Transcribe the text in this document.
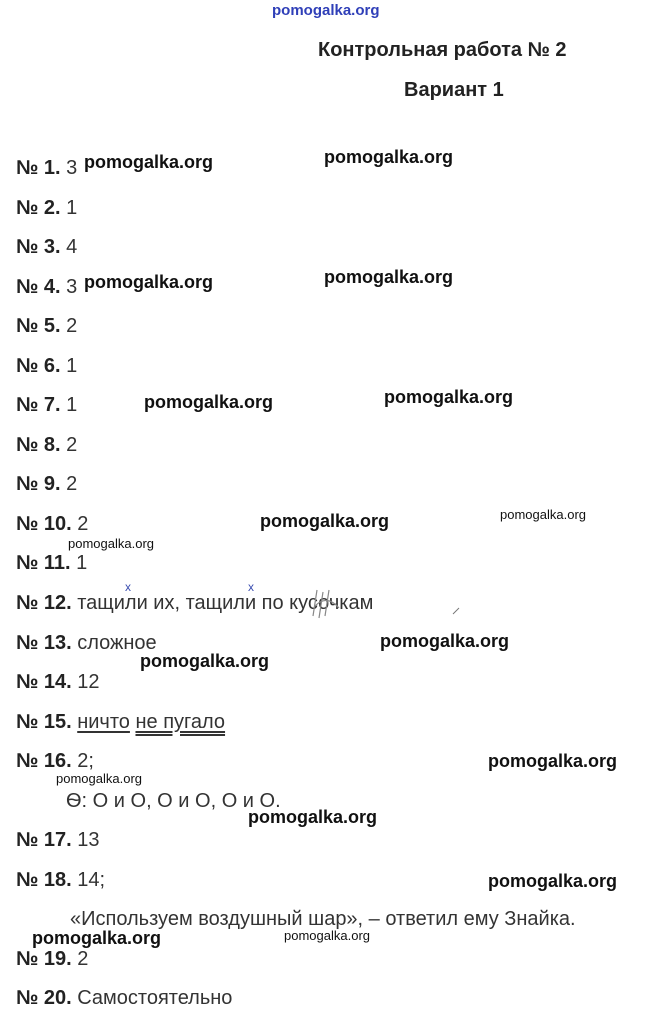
pomogalka.org
Контрольная работа № 2
Вариант 1
№ 1. 3
№ 2. 1
№ 3. 4
№ 4. 3
№ 5. 2
№ 6. 1
№ 7. 1
№ 8. 2
№ 9. 2
№ 10. 2
№ 11. 1
x	x
№ 12. тащили их, тащили по кусочкам
№ 13. сложное
№ 14. 12
№ 15. ничто не пугало
№ 16. 2;
Ѳ: О и О, О и О, О и О.
№ 17. 13
№ 18. 14;
«Используем воздушный шар», – ответил ему Знайка.
№ 19. 2
№ 20. Самостоятельно
pomogalka.org	pomogalka.org
pomogalka.org	pomogalka.org
pomogalka.org	pomogalka.org
pomogalka.org	pomogalka.org
pomogalka.org
pomogalka.org
pomogalka.org
pomogalka.org
pomogalka.org
pomogalka.org
pomogalka.org
pomogalka.org	pomogalka.org
